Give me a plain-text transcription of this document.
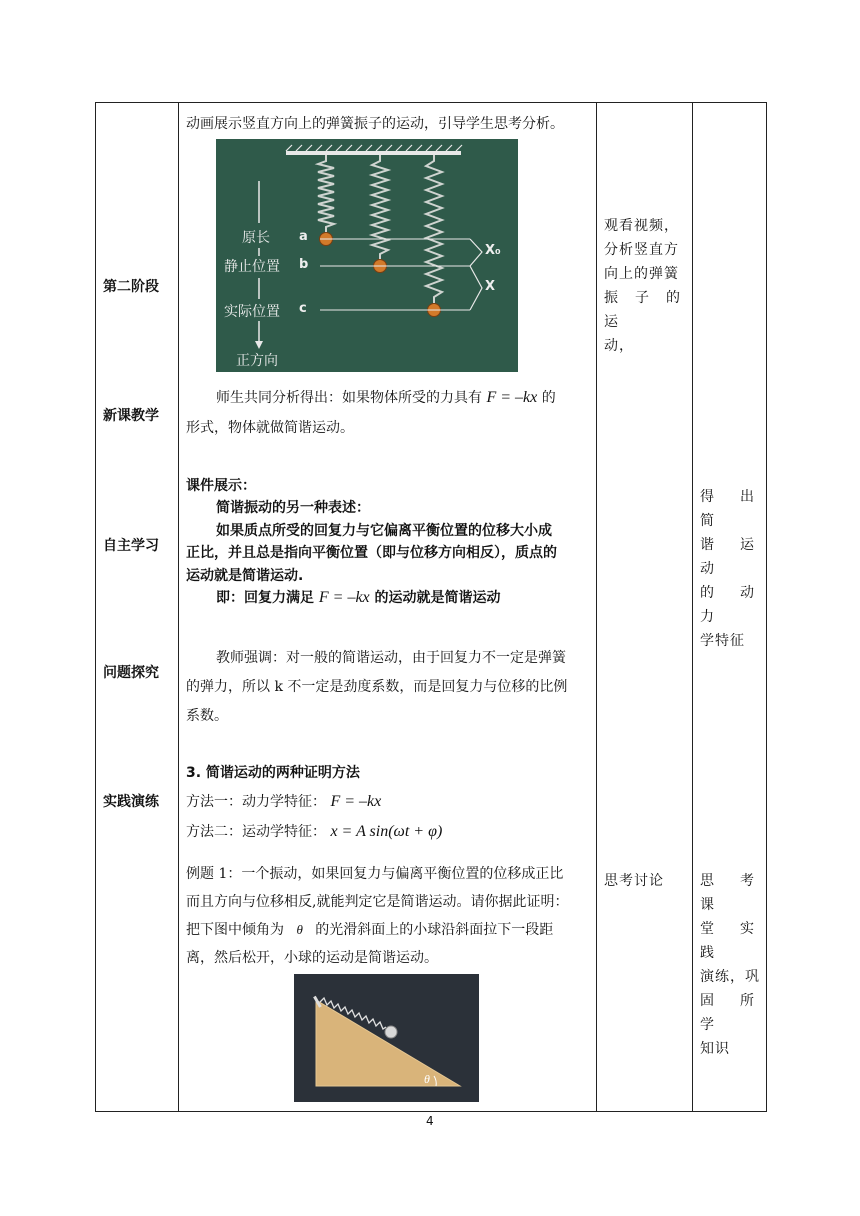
第二阶段
新课教学
自主学习
问题探究
实践演练
动画展示竖直方向上的弹簧振子的运动，引导学生思考分析。
原长
静止位置
实际位置
正方向
a
b
c
X₀
X
师生共同分析得出：如果物体所受的力具有 F = –kx 的
形式，物体就做简谐运动。
课件展示：
简谐振动的另一种表述：
如果质点所受的回复力与它偏离平衡位置的位移大小成
正比，并且总是指向平衡位置（即与位移方向相反），质点的
运动就是简谐运动.
即：回复力满足 F = –kx 的运动就是简谐运动
教师强调：对一般的简谐运动，由于回复力不一定是弹簧
的弹力，所以 k 不一定是劲度系数，而是回复力与位移的比例
系数。
3. 简谐运动的两种证明方法
方法一：动力学特征： F = –kx
方法二：运动学特征： x = A sin(ωt + φ)
例题 1：一个振动，如果回复力与偏离平衡位置的位移成正比
而且方向与位移相反,就能判定它是简谐运动。请你据此证明：
把下图中倾角为 θ 的光滑斜面上的小球沿斜面拉下一段距
离，然后松开，小球的运动是简谐运动。
θ
观看视频，
分析竖直方
向上的弹簧
振子的运
动，
思考讨论
得出简
谐运动
的动力
学特征
思考课
堂实践
演练，巩
固所学
知识
4
